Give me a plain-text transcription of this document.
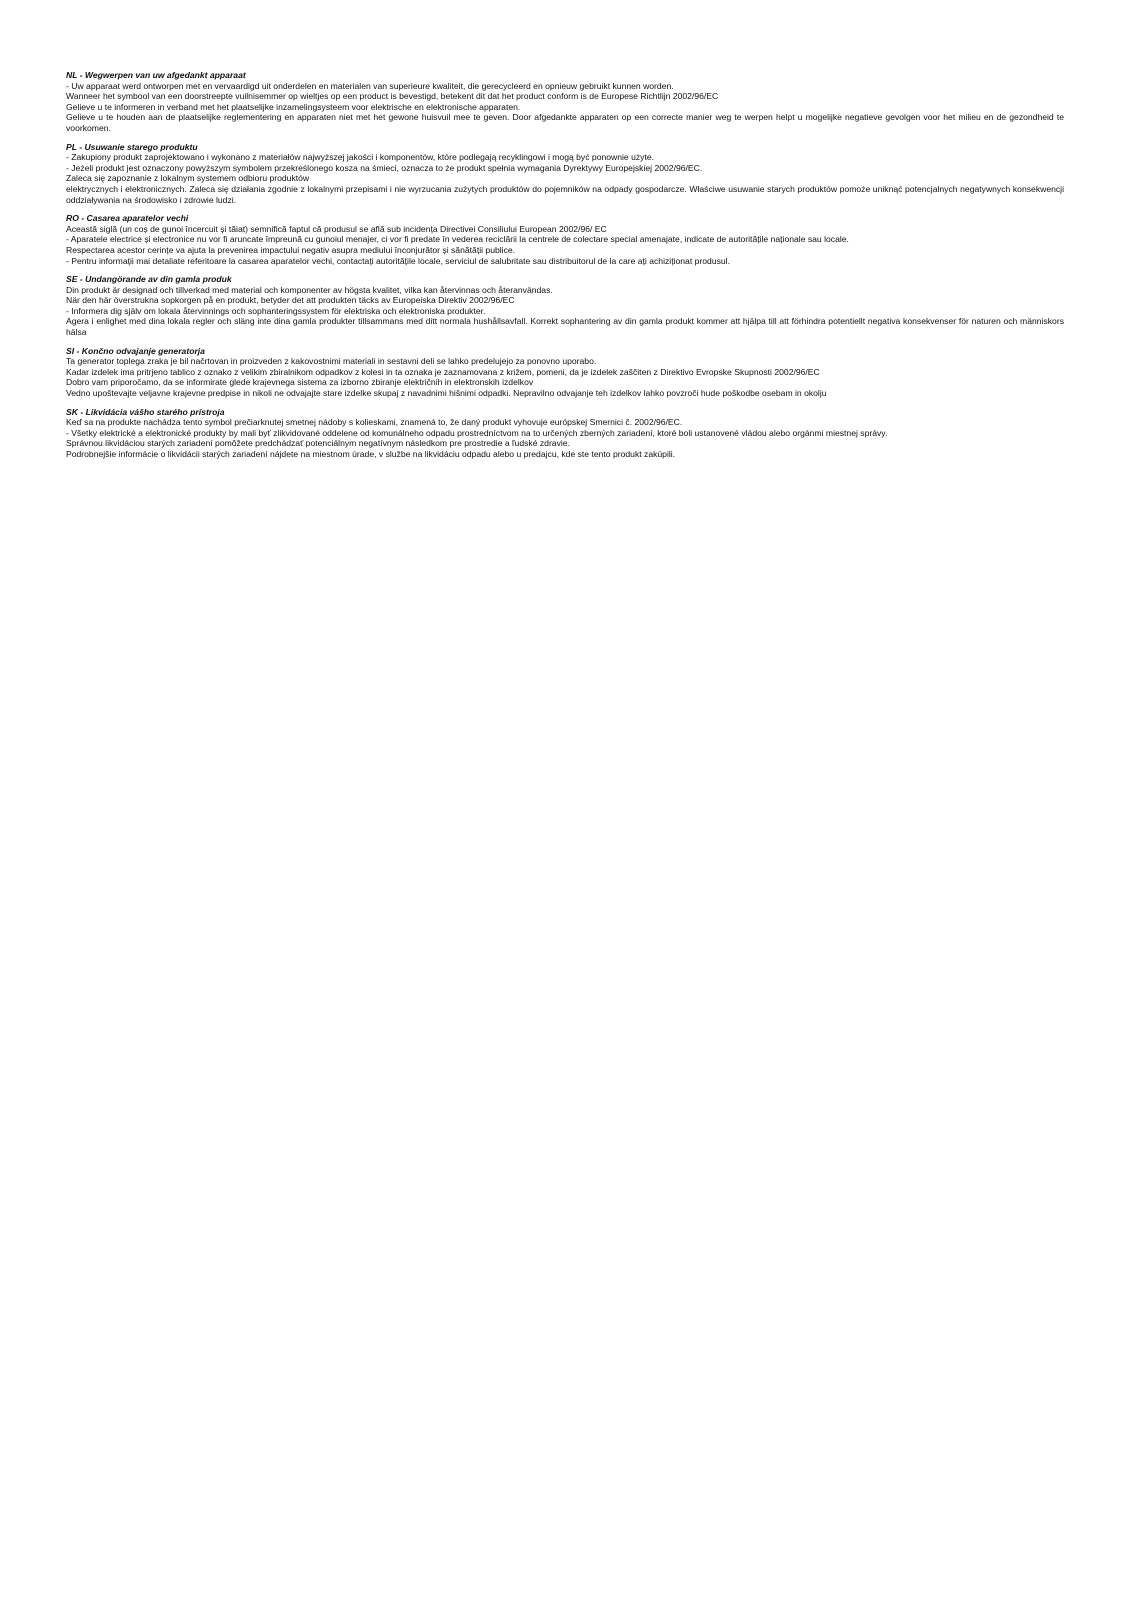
NL - Wegwerpen van uw afgedankt apparaat
- Uw apparaat werd ontworpen met en vervaardigd uit onderdelen en materialen van superieure kwaliteit, die gerecycleerd en opnieuw gebruikt kunnen worden.
Wanneer het symbool van een doorstreepte vuilnisemmer op wieltjes op een product is bevestigd, betekent dit dat het product conform is de Europese Richtlijn 2002/96/EC
Gelieve u te informeren in verband met het plaatselijke inzamelingsysteem voor elektrische en elektronische apparaten.
Gelieve u te houden aan de plaatselijke reglementering en apparaten niet met het gewone huisvuil mee te geven. Door afgedankte apparaten op een correcte manier weg te werpen helpt u mogelijke negatieve gevolgen voor het milieu en de gezondheid te voorkomen.
PL - Usuwanie starego produktu
- Zakupiony produkt zaprojektowano i wykonano z materiałów najwyższej jakości i komponentów, które podlegają recyklingowi i mogą być ponownie użyte.
- Jeżeli produkt jest oznaczony powyższym symbolem przekreślonego kosza na śmieci, oznacza to że produkt spełnia wymagania Dyrektywy Europejskiej 2002/96/EC.
Zaleca się zapoznanie z lokalnym systemem odbioru produktów
elektrycznych i elektronicznych. Zaleca się działania zgodnie z lokalnymi przepisami i nie wyrzucania zużytych produktów do pojemników na odpady gospodarcze. Właściwe usuwanie starych produktów pomoże uniknąć potencjalnych negatywnych konsekwencji oddziaływania na środowisko i zdrowie ludzi.
RO - Casarea aparatelor vechi
Această siglă (un coș de gunoi încercuit și tăiat) semnifică faptul că produsul se află sub incidența Directivei Consiliului European 2002/96/ EC
- Aparatele electrice și electronice nu vor fi aruncate împreună cu gunoiul menajer, ci vor fi predate în vederea reciclării la centrele de colectare special amenajate, indicate de autoritățile naționale sau locale.
Respectarea acestor cerințe va ajuta la prevenirea impactului negativ asupra mediului înconjurător și sănătății publice.
- Pentru informații mai detaliate referitoare la casarea aparatelor vechi, contactați autoritățile locale, serviciul de salubritate sau distribuitorul de la care ați achiziționat produsul.
SE - Undangörande av din gamla produk
Din produkt är designad och tillverkad med material och komponenter av högsta kvalitet, vilka kan återvinnas och återanvändas.
När den här överstrukna sopkorgen på en produkt, betyder det att produkten täcks av Europeiska Direktiv 2002/96/EC
- Informera dig själv om lokala återvinnings och sophanteringssystem för elektriska och elektroniska produkter.
Agera i enlighet med dina lokala regler och släng inte dina gamla produkter tillsammans med ditt normala hushållsavfall. Korrekt sophantering av din gamla produkt kommer att hjälpa till att förhindra potentiellt negativa konsekvenser för naturen och människors hälsa
SI - Končno odvajanje generatorja
Ta generator toplega zraka je bil načrtovan in proizveden z kakovostnimi materiali in sestavni deli se lahko predelujejo za ponovno uporabo.
Kadar izdelek ima pritrjeno tablico z oznako z velikim zbiralnikom odpadkov z kolesi in ta oznaka je zaznamovana z križem, pomeni, da je izdelek zaščiten z Direktivo Evropske Skupnosti 2002/96/EC
Dobro vam priporočamo, da se informirate glede krajevnega sistema za izborno zbiranje električnih in elektronskih izdelkov
Vedno upoštevajte veljavne krajevne predpise in nikoli ne odvajajte stare izdelke skupaj z navadnimi hišnimi odpadki. Nepravilno odvajanje teh izdelkov lahko povzroči hude poškodbe osebam in okolju
SK - Likvidácia vášho starého prístroja
Keď sa na produkte nachádza tento symbol prečiarknutej smetnej nádoby s kolieskami, znamená to, že daný produkt vyhovuje európskej Smernici č. 2002/96/EC.
- Všetky elektrické a elektronické produkty by mali byť zlikvidované oddelene od komunálneho odpadu prostredníctvom na to určených zberných zariadení, ktoré boli ustanovené vládou alebo orgánmi miestnej správy.
Správnou likvidáciou starých zariadení pomôžete predchádzať potenciálnym negatívnym následkom pre prostredie a ľudské zdravie.
Podrobnejšie informácie o likvidácii starých zariadení nájdete na miestnom úrade, v službe na likvidáciu odpadu alebo u predajcu, kde ste tento produkt zakúpili.
